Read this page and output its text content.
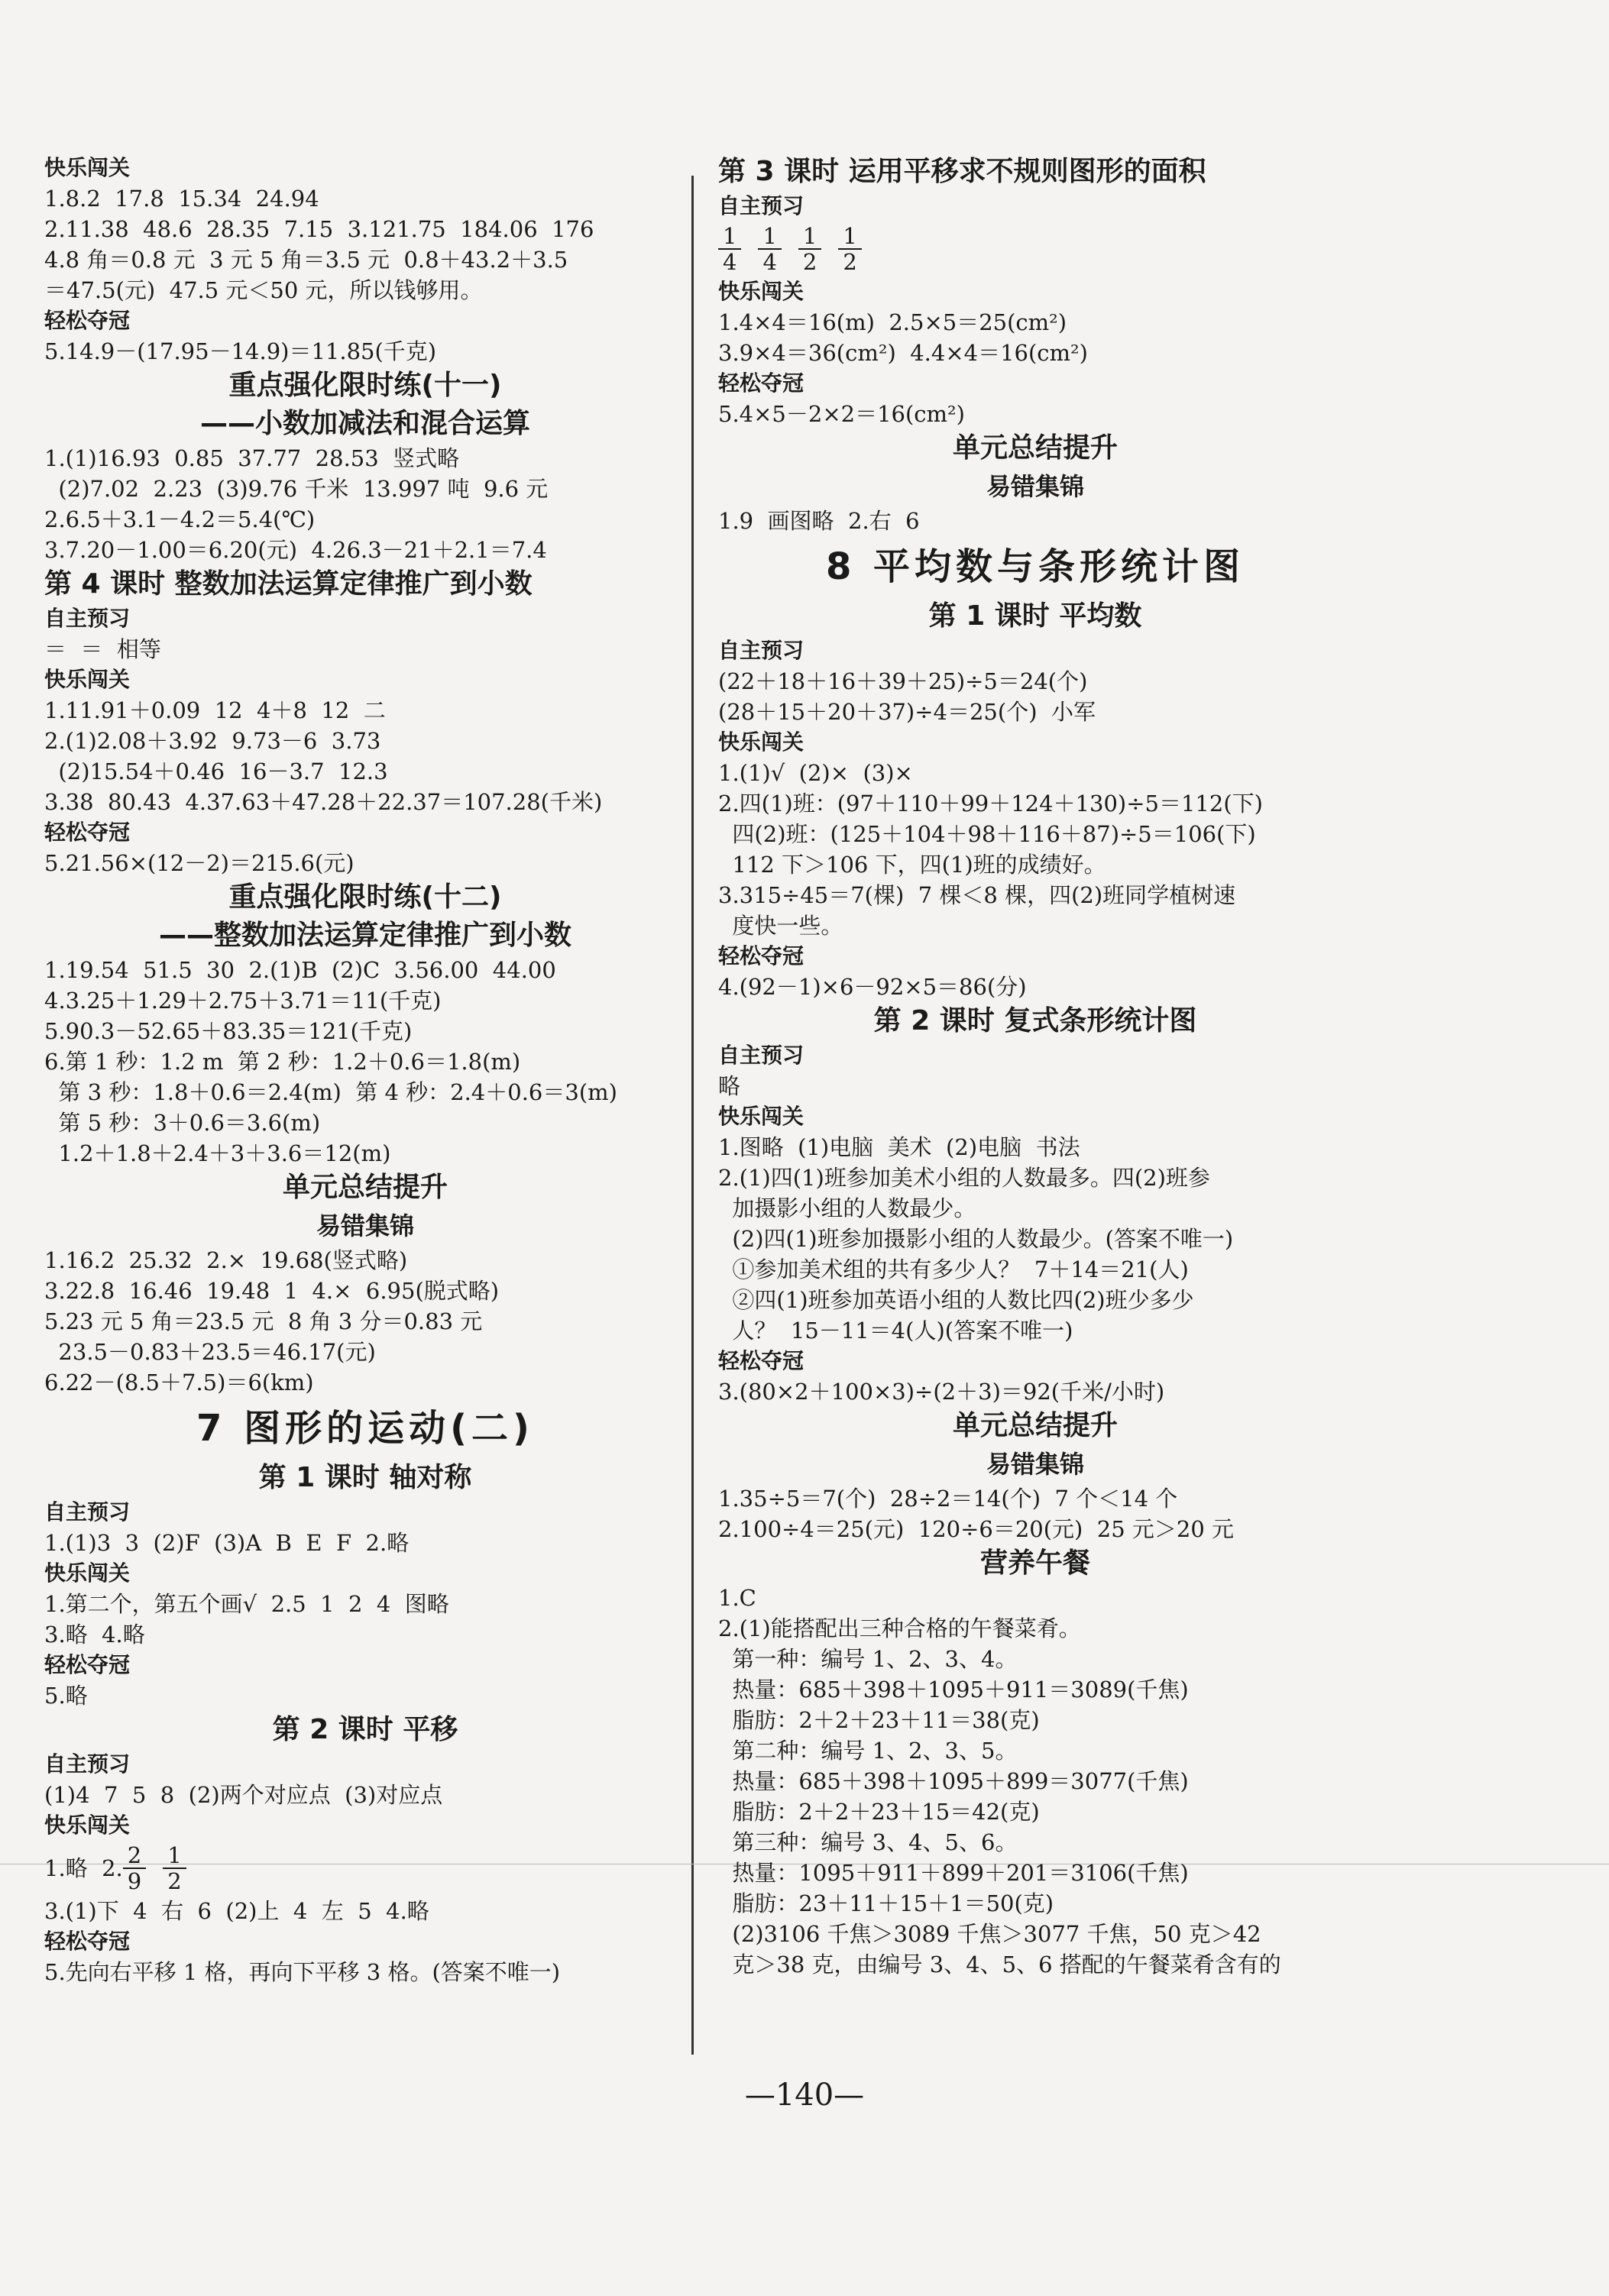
快乐闯关
1.8.2  17.8  15.34  24.94
2.11.38  48.6  28.35  7.15  3.121.75  184.06  176
4.8 角＝0.8 元  3 元 5 角＝3.5 元  0.8＋43.2＋3.5
＝47.5(元)  47.5 元＜50 元，所以钱够用。
轻松夺冠
5.14.9－(17.95－14.9)＝11.85(千克)
重点强化限时练(十一)
——小数加减法和混合运算
1.(1)16.93  0.85  37.77  28.53  竖式略
(2)7.02  2.23  (3)9.76 千米  13.997 吨  9.6 元
2.6.5＋3.1－4.2＝5.4(℃)
3.7.20－1.00＝6.20(元)  4.26.3－21＋2.1＝7.4
第 4 课时 整数加法运算定律推广到小数
自主预习
＝  ＝  相等
快乐闯关
1.11.91＋0.09  12  4＋8  12  二
2.(1)2.08＋3.92  9.73－6  3.73
(2)15.54＋0.46  16－3.7  12.3
3.38  80.43  4.37.63＋47.28＋22.37＝107.28(千米)
轻松夺冠
5.21.56×(12－2)＝215.6(元)
重点强化限时练(十二)
——整数加法运算定律推广到小数
1.19.54  51.5  30  2.(1)B  (2)C  3.56.00  44.00
4.3.25＋1.29＋2.75＋3.71＝11(千克)
5.90.3－52.65＋83.35＝121(千克)
6.第 1 秒：1.2 m  第 2 秒：1.2＋0.6＝1.8(m)
第 3 秒：1.8＋0.6＝2.4(m)  第 4 秒：2.4＋0.6＝3(m)
第 5 秒：3＋0.6＝3.6(m)
1.2＋1.8＋2.4＋3＋3.6＝12(m)
单元总结提升
易错集锦
1.16.2  25.32  2.×  19.68(竖式略)
3.22.8  16.46  19.48  1  4.×  6.95(脱式略)
5.23 元 5 角＝23.5 元  8 角 3 分＝0.83 元
23.5－0.83＋23.5＝46.17(元)
6.22－(8.5＋7.5)＝6(km)
7 图形的运动(二)
第 1 课时 轴对称
自主预习
1.(1)3  3  (2)F  (3)A  B  E  F  2.略
快乐闯关
1.第二个，第五个画√  2.5  1  2  4  图略
3.略  4.略
轻松夺冠
5.略
第 2 课时 平移
自主预习
(1)4  7  5  8  (2)两个对应点  (3)对应点
快乐闯关
1.略  2. $\frac{2}{9} \frac{1}{2}$
3.(1)下  4  右  6  (2)上  4  左  5  4.略
轻松夺冠
5.先向右平移 1 格，再向下平移 3 格。(答案不唯一)
第 3 课时 运用平移求不规则图形的面积
自主预习
$\frac{1}{4} \frac{1}{4} \frac{1}{2} \frac{1}{2}$
快乐闯关
1.4×4＝16(m)  2.5×5＝25(cm²)
3.9×4＝36(cm²)  4.4×4＝16(cm²)
轻松夺冠
5.4×5－2×2＝16(cm²)
单元总结提升
易错集锦
1.9  画图略  2.右  6
8 平均数与条形统计图
第 1 课时 平均数
自主预习
(22＋18＋16＋39＋25)÷5＝24(个)
(28＋15＋20＋37)÷4＝25(个)  小军
快乐闯关
1.(1)√  (2)×  (3)×
2.四(1)班：(97＋110＋99＋124＋130)÷5＝112(下)
四(2)班：(125＋104＋98＋116＋87)÷5＝106(下)
112 下＞106 下，四(1)班的成绩好。
3.315÷45＝7(棵)  7 棵＜8 棵，四(2)班同学植树速
度快一些。
轻松夺冠
4.(92－1)×6－92×5＝86(分)
第 2 课时 复式条形统计图
自主预习
略
快乐闯关
1.图略  (1)电脑  美术  (2)电脑  书法
2.(1)四(1)班参加美术小组的人数最多。四(2)班参
加摄影小组的人数最少。
(2)四(1)班参加摄影小组的人数最少。(答案不唯一)
①参加美术组的共有多少人？  7＋14＝21(人)
②四(1)班参加英语小组的人数比四(2)班少多少
人？  15－11＝4(人)(答案不唯一)
轻松夺冠
3.(80×2＋100×3)÷(2＋3)＝92(千米/小时)
单元总结提升
易错集锦
1.35÷5＝7(个)  28÷2＝14(个)  7 个＜14 个
2.100÷4＝25(元)  120÷6＝20(元)  25 元＞20 元
营养午餐
1.C
2.(1)能搭配出三种合格的午餐菜肴。
第一种：编号 1、2、3、4。
热量：685＋398＋1095＋911＝3089(千焦)
脂肪：2＋2＋23＋11＝38(克)
第二种：编号 1、2、3、5。
热量：685＋398＋1095＋899＝3077(千焦)
脂肪：2＋2＋23＋15＝42(克)
第三种：编号 3、4、5、6。
热量：1095＋911＋899＋201＝3106(千焦)
脂肪：23＋11＋15＋1＝50(克)
(2)3106 千焦＞3089 千焦＞3077 千焦，50 克＞42
克＞38 克，由编号 3、4、5、6 搭配的午餐菜肴含有的
—140—
